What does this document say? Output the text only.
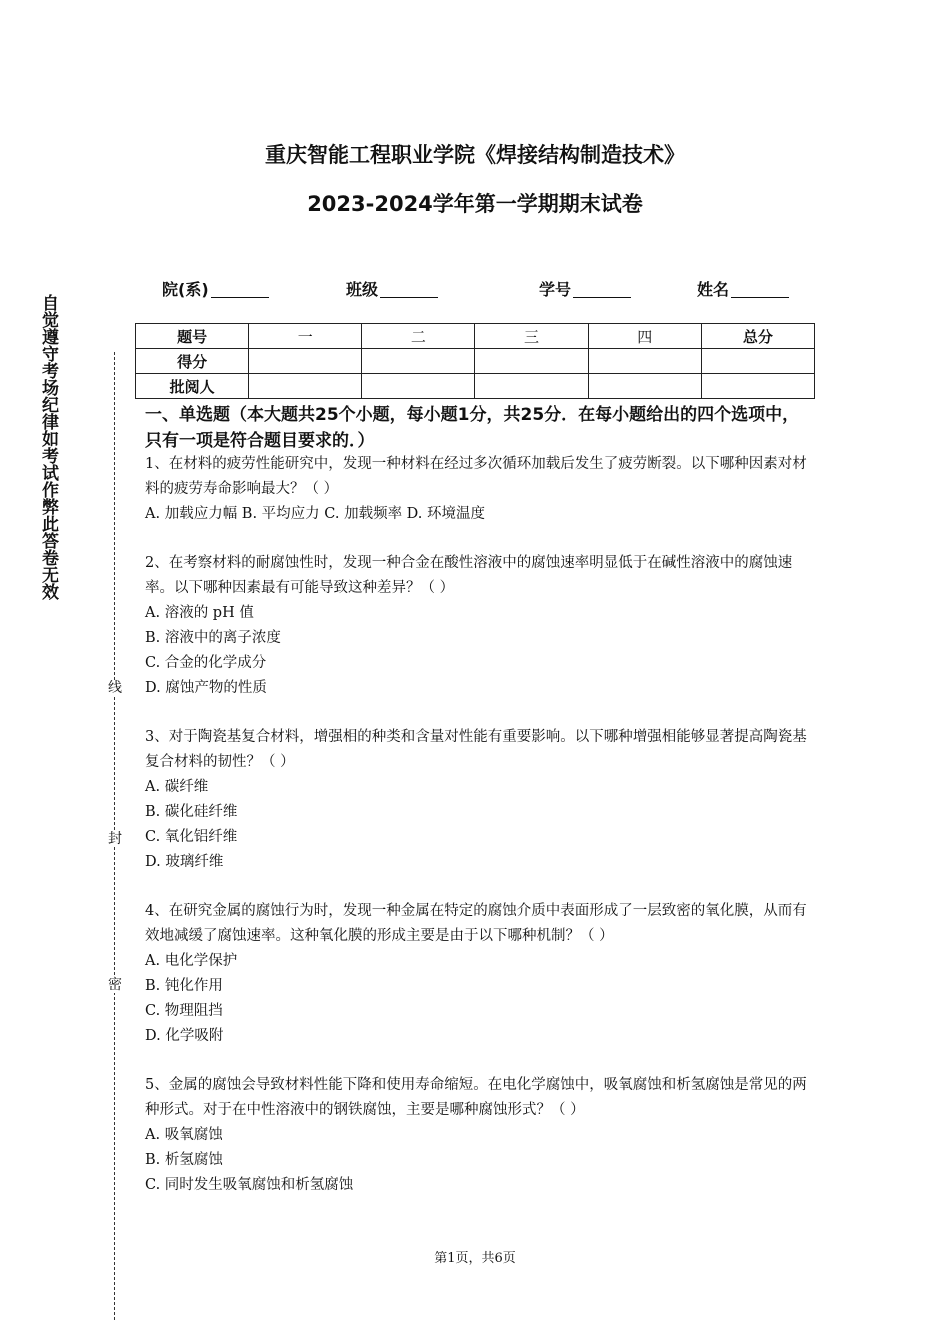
重庆智能工程职业学院《焊接结构制造技术》
2023-2024学年第一学期期末试卷
院(系)	班级	学号	姓名
题号	一	二	三	四	总分
得分					
批阅人					
一、单选题（本大题共25个小题，每小题1分，共25分．在每小题给出的四个选项中，只有一项是符合题目要求的．）

1、在材料的疲劳性能研究中，发现一种材料在经过多次循环加载后发生了疲劳断裂。以下哪种因素对材料的疲劳寿命影响最大？（ ）

A. 加载应力幅 B. 平均应力 C. 加载频率 D. 环境温度

2、在考察材料的耐腐蚀性时，发现一种合金在酸性溶液中的腐蚀速率明显低于在碱性溶液中的腐蚀速率。以下哪种因素最有可能导致这种差异？（ ）

A. 溶液的 pH 值
B. 溶液中的离子浓度
C. 合金的化学成分
D. 腐蚀产物的性质

3、对于陶瓷基复合材料，增强相的种类和含量对性能有重要影响。以下哪种增强相能够显著提高陶瓷基复合材料的韧性？（ ）

A. 碳纤维
B. 碳化硅纤维
C. 氧化铝纤维
D. 玻璃纤维

4、在研究金属的腐蚀行为时，发现一种金属在特定的腐蚀介质中表面形成了一层致密的氧化膜，从而有效地减缓了腐蚀速率。这种氧化膜的形成主要是由于以下哪种机制？（ ）

A. 电化学保护
B. 钝化作用
C. 物理阻挡
D. 化学吸附

5、金属的腐蚀会导致材料性能下降和使用寿命缩短。在电化学腐蚀中，吸氧腐蚀和析氢腐蚀是常见的两种形式。对于在中性溶液中的钢铁腐蚀，主要是哪种腐蚀形式？（ ）

A. 吸氧腐蚀
B. 析氢腐蚀
C. 同时发生吸氧腐蚀和析氢腐蚀
第1页，共6页
自觉遵守考场纪律如考试作弊此答卷无效
线
封
密
